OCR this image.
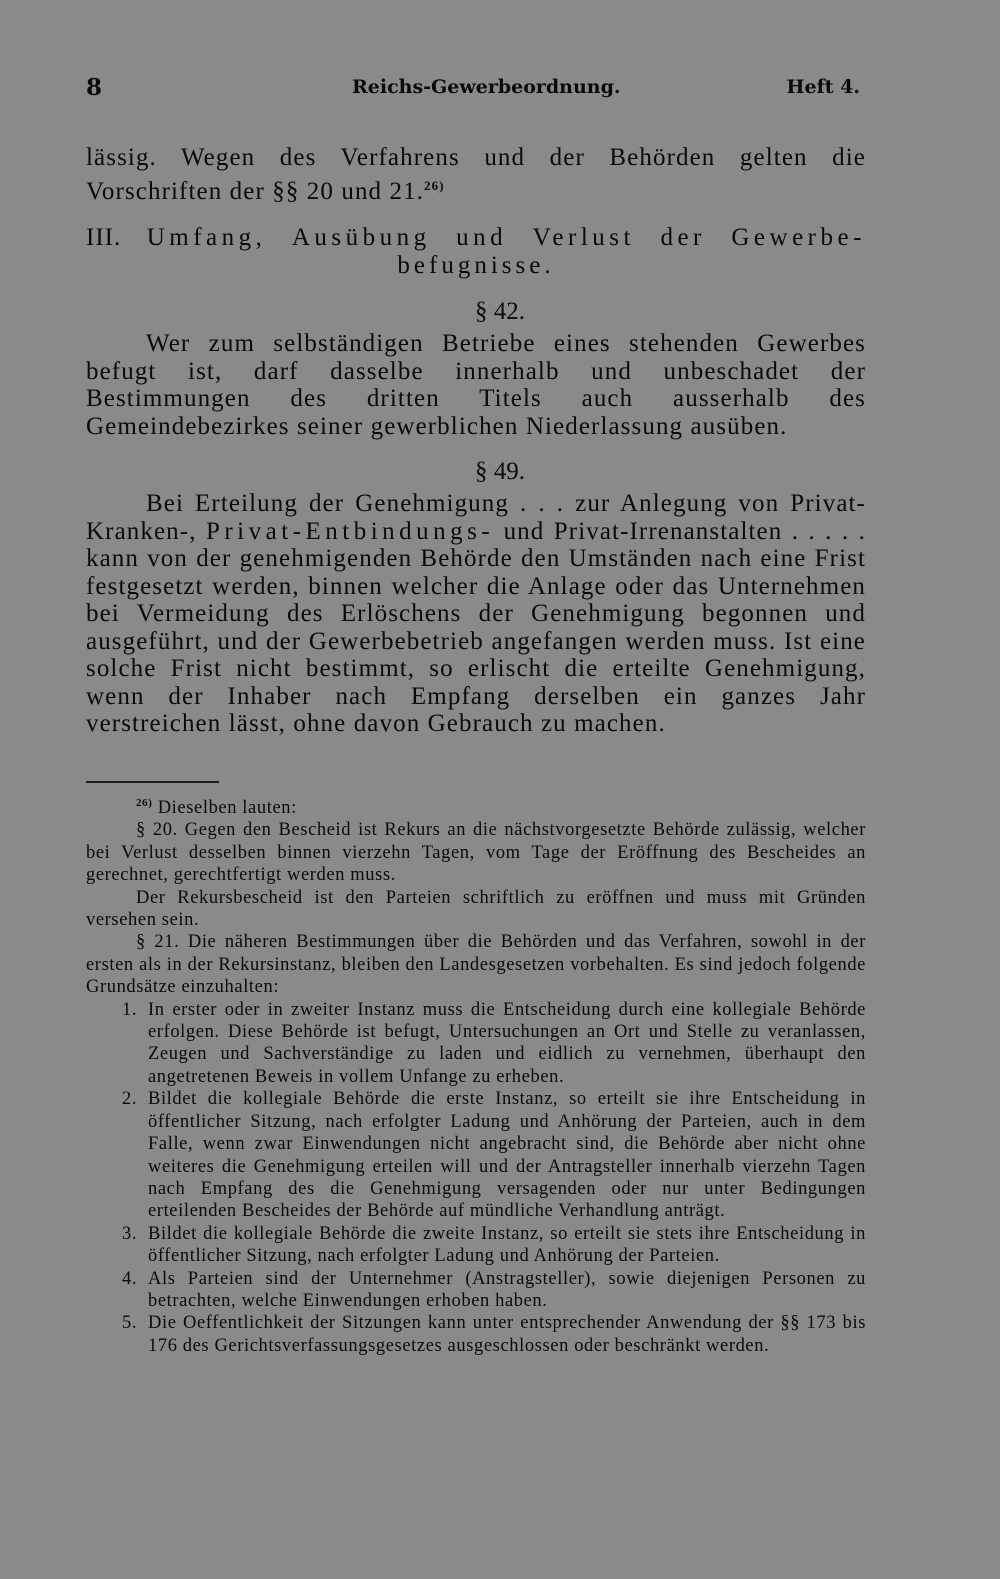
8	Reichs-Gewerbeordnung.	Heft 4.

lässig. Wegen des Verfahrens und der Behörden gelten die Vorschriften der §§ 20 und 21.$^{26)}$

III. Umfang, Ausübung und Verlust der Gewerbe-
befugnisse.
§ 42.

Wer zum selbständigen Betriebe eines stehenden Gewerbes befugt ist, darf dasselbe innerhalb und unbeschadet der Bestimmungen des dritten Titels auch ausserhalb des Gemeindebezirkes seiner gewerblichen Niederlassung ausüben.

§ 49.

Bei Erteilung der Genehmigung . . . zur Anlegung von Privat-Kranken-, Privat-Entbindungs- und Privat-Irrenanstalten . . . . . kann von der genehmigenden Behörde den Umständen nach eine Frist festgesetzt werden, binnen welcher die Anlage oder das Unternehmen bei Vermeidung des Erlöschens der Genehmigung begonnen und ausgeführt, und der Gewerbebetrieb angefangen werden muss. Ist eine solche Frist nicht bestimmt, so erlischt die erteilte Genehmigung, wenn der Inhaber nach Empfang derselben ein ganzes Jahr verstreichen lässt, ohne davon Gebrauch zu machen.

$^{26)}$ Dieselben lauten:

§ 20. Gegen den Bescheid ist Rekurs an die nächstvorgesetzte Behörde zulässig, welcher bei Verlust desselben binnen vierzehn Tagen, vom Tage der Eröffnung des Bescheides an gerechnet, gerechtfertigt werden muss.

Der Rekursbescheid ist den Parteien schriftlich zu eröffnen und muss mit Gründen versehen sein.

§ 21. Die näheren Bestimmungen über die Behörden und das Verfahren, sowohl in der ersten als in der Rekursinstanz, bleiben den Landesgesetzen vorbehalten. Es sind jedoch folgende Grundsätze einzuhalten:

1. In erster oder in zweiter Instanz muss die Entscheidung durch eine kollegiale Behörde erfolgen. Diese Behörde ist befugt, Untersuchungen an Ort und Stelle zu veranlassen, Zeugen und Sachverständige zu laden und eidlich zu vernehmen, überhaupt den angetretenen Beweis in vollem Unfange zu erheben.
2. Bildet die kollegiale Behörde die erste Instanz, so erteilt sie ihre Entscheidung in öffentlicher Sitzung, nach erfolgter Ladung und Anhörung der Parteien, auch in dem Falle, wenn zwar Einwendungen nicht angebracht sind, die Behörde aber nicht ohne weiteres die Genehmigung erteilen will und der Antragsteller innerhalb vierzehn Tagen nach Empfang des die Genehmigung versagenden oder nur unter Bedingungen erteilenden Bescheides der Behörde auf mündliche Verhandlung anträgt.
3. Bildet die kollegiale Behörde die zweite Instanz, so erteilt sie stets ihre Entscheidung in öffentlicher Sitzung, nach erfolgter Ladung und Anhörung der Parteien.
4. Als Parteien sind der Unternehmer (Anstragsteller), sowie diejenigen Personen zu betrachten, welche Einwendungen erhoben haben.
5. Die Oeffentlichkeit der Sitzungen kann unter entsprechender Anwendung der §§ 173 bis 176 des Gerichtsverfassungsgesetzes ausgeschlossen oder beschränkt werden.
